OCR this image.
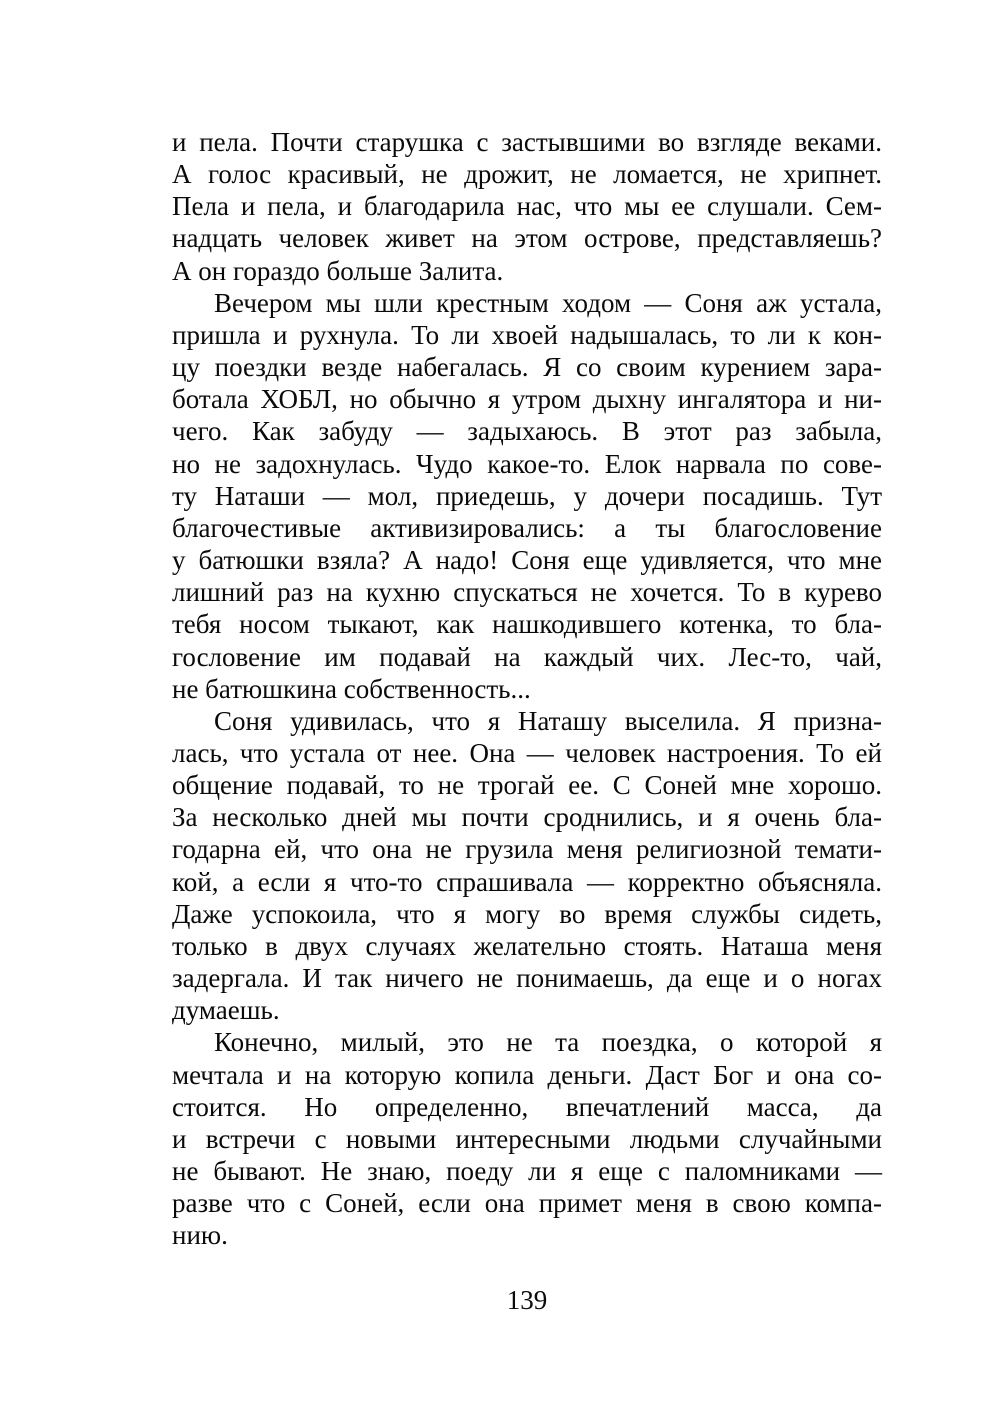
и пела. Почти старушка с застывшими во взгляде веками.
А голос красивый, не дрожит, не ломается, не хрипнет.
Пела и пела, и благодарила нас, что мы ее слушали. Сем-
надцать человек живет на этом острове, представляешь?
А он гораздо больше Залита.
Вечером мы шли крестным ходом — Соня аж устала,
пришла и рухнула. То ли хвоей надышалась, то ли к кон-
цу поездки везде набегалась. Я со своим курением зара-
ботала ХОБЛ, но обычно я утром дыхну ингалятора и ни-
чего. Как забуду — задыхаюсь. В этот раз забыла,
но не задохнулась. Чудо какое-то. Елок нарвала по сове-
ту Наташи — мол, приедешь, у дочери посадишь. Тут
благочестивые активизировались: а ты благословение
у батюшки взяла? А надо! Соня еще удивляется, что мне
лишний раз на кухню спускаться не хочется. То в курево
тебя носом тыкают, как нашкодившего котенка, то бла-
гословение им подавай на каждый чих. Лес-то, чай,
не батюшкина собственность...
Соня удивилась, что я Наташу выселила. Я призна-
лась, что устала от нее. Она — человек настроения. То ей
общение подавай, то не трогай ее. С Соней мне хорошо.
За несколько дней мы почти сроднились, и я очень бла-
годарна ей, что она не грузила меня религиозной темати-
кой, а если я что-то спрашивала — корректно объясняла.
Даже успокоила, что я могу во время службы сидеть,
только в двух случаях желательно стоять. Наташа меня
задергала. И так ничего не понимаешь, да еще и о ногах
думаешь.
Конечно, милый, это не та поездка, о которой я
мечтала и на которую копила деньги. Даст Бог и она со-
стоится. Но определенно, впечатлений масса, да
и встречи с новыми интересными людьми случайными
не бывают. Не знаю, поеду ли я еще с паломниками —
разве что с Соней, если она примет меня в свою компа-
нию.
139
